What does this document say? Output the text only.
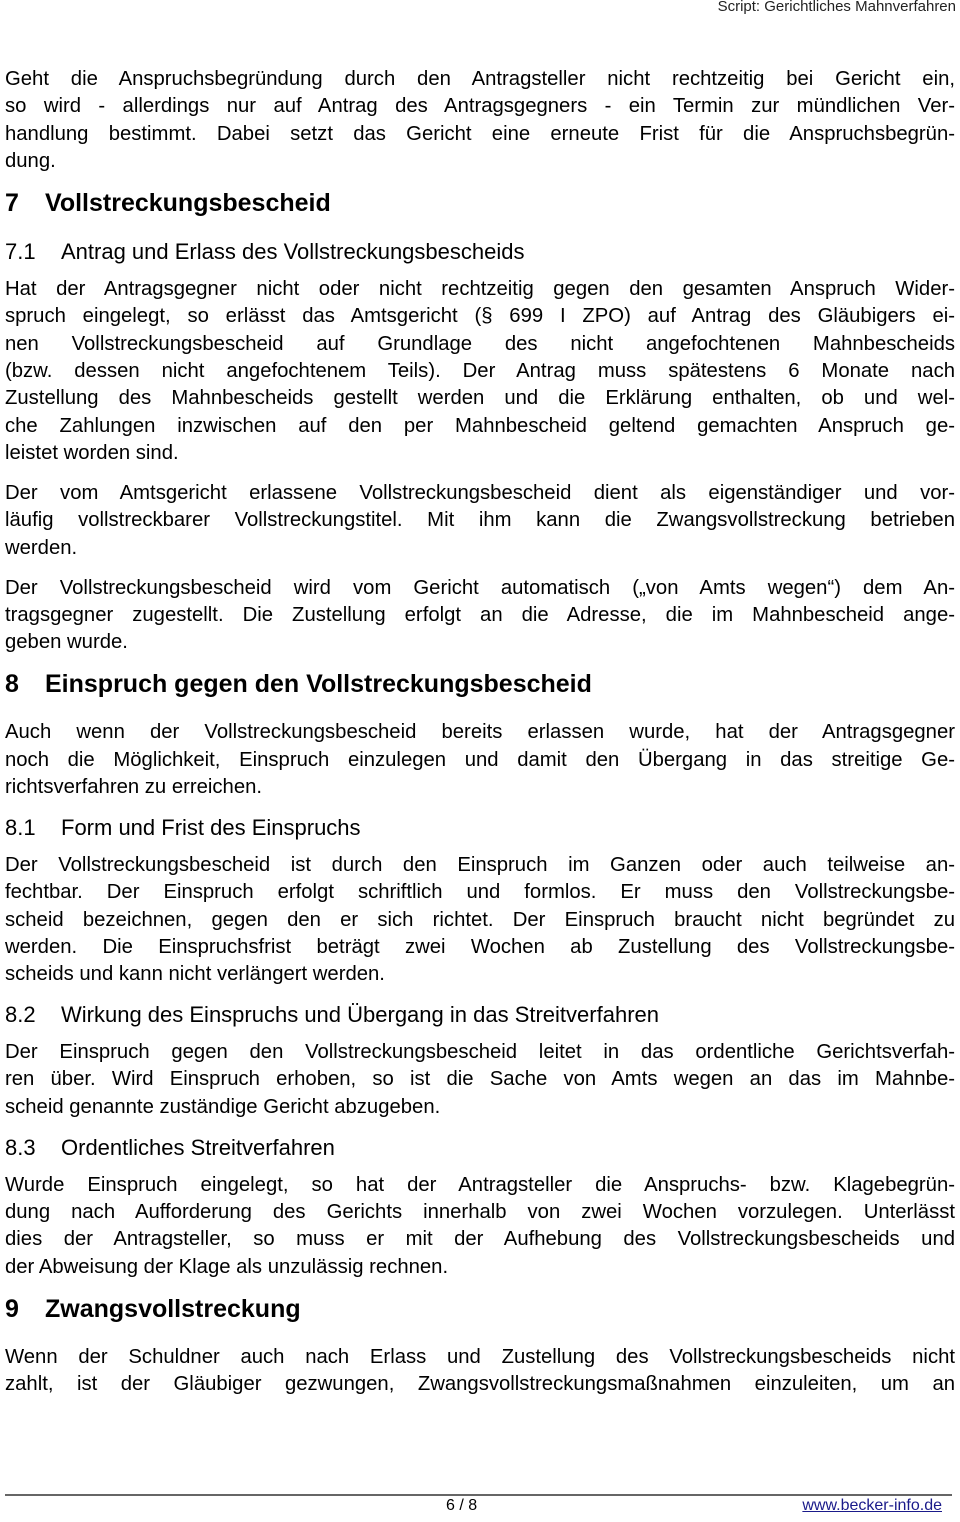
Script: Gerichtliches Mahnverfahren
Geht die Anspruchsbegründung durch den Antragsteller nicht rechtzeitig bei Gericht ein,
so wird - allerdings nur auf Antrag des Antragsgegners - ein Termin zur mündlichen Ver-
handlung bestimmt. Dabei setzt das Gericht eine erneute Frist für die Anspruchsbegrün-
dung.
7 Vollstreckungsbescheid
7.1 Antrag und Erlass des Vollstreckungsbescheids
Hat der Antragsgegner nicht oder nicht rechtzeitig gegen den gesamten Anspruch Wider-
spruch eingelegt, so erlässt das Amtsgericht (§ 699 I ZPO) auf Antrag des Gläubigers ei-
nen Vollstreckungsbescheid auf Grundlage des nicht angefochtenen Mahnbescheids
(bzw. dessen nicht angefochtenem Teils). Der Antrag muss spätestens 6 Monate nach
Zustellung des Mahnbescheids gestellt werden und die Erklärung enthalten, ob und wel-
che Zahlungen inzwischen auf den per Mahnbescheid geltend gemachten Anspruch ge-
leistet worden sind.
Der vom Amtsgericht erlassene Vollstreckungsbescheid dient als eigenständiger und vor-
läufig vollstreckbarer Vollstreckungstitel. Mit ihm kann die Zwangsvollstreckung betrieben
werden.
Der Vollstreckungsbescheid wird vom Gericht automatisch („von Amts wegen“) dem An-
tragsgegner zugestellt. Die Zustellung erfolgt an die Adresse, die im Mahnbescheid ange-
geben wurde.
8 Einspruch gegen den Vollstreckungsbescheid
Auch wenn der Vollstreckungsbescheid bereits erlassen wurde, hat der Antragsgegner
noch die Möglichkeit, Einspruch einzulegen und damit den Übergang in das streitige Ge-
richtsverfahren zu erreichen.
8.1 Form und Frist des Einspruchs
Der Vollstreckungsbescheid ist durch den Einspruch im Ganzen oder auch teilweise an-
fechtbar. Der Einspruch erfolgt schriftlich und formlos. Er muss den Vollstreckungsbe-
scheid bezeichnen, gegen den er sich richtet. Der Einspruch braucht nicht begründet zu
werden. Die Einspruchsfrist beträgt zwei Wochen ab Zustellung des Vollstreckungsbe-
scheids und kann nicht verlängert werden.
8.2 Wirkung des Einspruchs und Übergang in das Streitverfahren
Der Einspruch gegen den Vollstreckungsbescheid leitet in das ordentliche Gerichtsverfah-
ren über. Wird Einspruch erhoben, so ist die Sache von Amts wegen an das im Mahnbe-
scheid genannte zuständige Gericht abzugeben.
8.3 Ordentliches Streitverfahren
Wurde Einspruch eingelegt, so hat der Antragsteller die Anspruchs- bzw. Klagebegrün-
dung nach Aufforderung des Gerichts innerhalb von zwei Wochen vorzulegen. Unterlässt
dies der Antragsteller, so muss er mit der Aufhebung des Vollstreckungsbescheids und
der Abweisung der Klage als unzulässig rechnen.
9 Zwangsvollstreckung
Wenn der Schuldner auch nach Erlass und Zustellung des Vollstreckungsbescheids nicht
zahlt, ist der Gläubiger gezwungen, Zwangsvollstreckungsmaßnahmen einzuleiten, um an
6 / 8	www.becker-info.de
